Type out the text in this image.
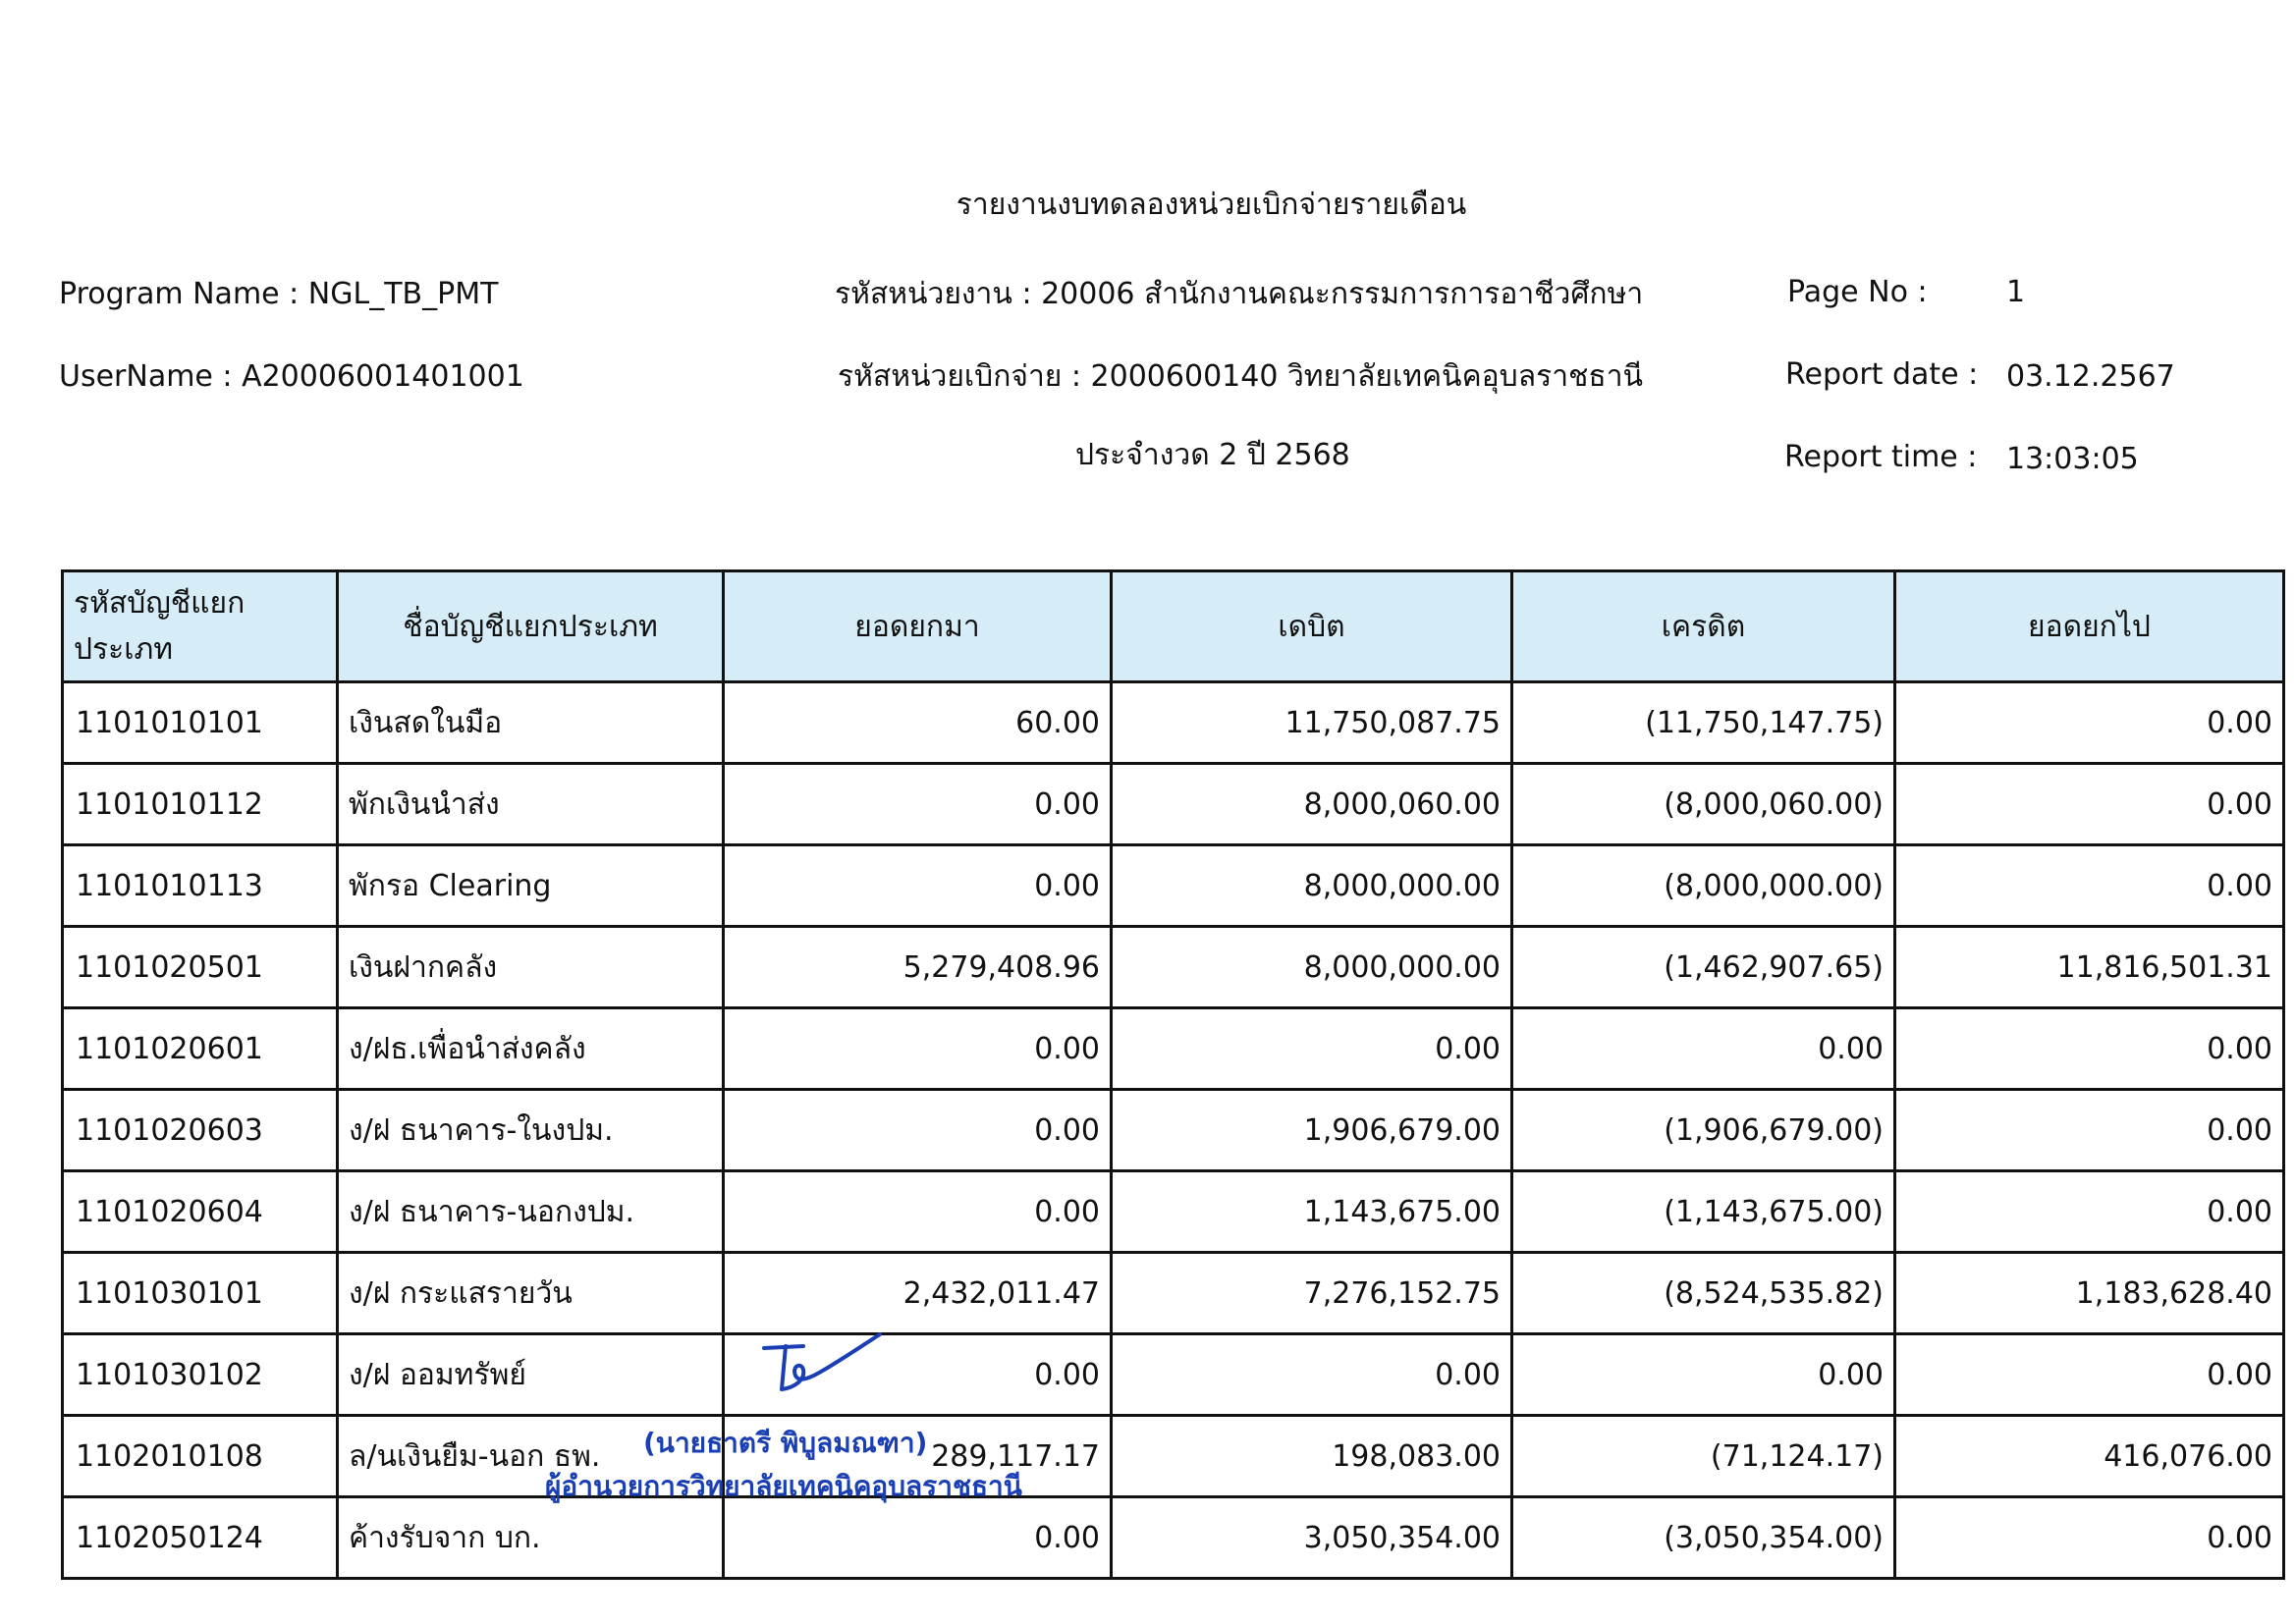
รายงานงบทดลองหน่วยเบิกจ่ายรายเดือน
Program Name : NGL_TB_PMT
UserName : A20006001401001
รหัสหน่วยงาน : 20006 สำนักงานคณะกรรมการการอาชีวศึกษา
รหัสหน่วยเบิกจ่าย : 2000600140 วิทยาลัยเทคนิคอุบลราชธานี
ประจำงวด 2 ปี 2568
Page No :	1
Report date : 03.12.2567
Report time : 13:03:05
รหัสบัญชีแยกประเภท	ชื่อบัญชีแยกประเภท	ยอดยกมา	เดบิต	เครดิต	ยอดยกไป
1101010101	เงินสดในมือ	60.00	11,750,087.75	(11,750,147.75)	0.00
1101010112	พักเงินนำส่ง	0.00	8,000,060.00	(8,000,060.00)	0.00
1101010113	พักรอ Clearing	0.00	8,000,000.00	(8,000,000.00)	0.00
1101020501	เงินฝากคลัง	5,279,408.96	8,000,000.00	(1,462,907.65)	11,816,501.31
1101020601	ง/ฝธ.เพื่อนำส่งคลัง	0.00	0.00	0.00	0.00
1101020603	ง/ฝ ธนาคาร-ในงปม.	0.00	1,906,679.00	(1,906,679.00)	0.00
1101020604	ง/ฝ ธนาคาร-นอกงปม.	0.00	1,143,675.00	(1,143,675.00)	0.00
1101030101	ง/ฝ กระแสรายวัน	2,432,011.47	7,276,152.75	(8,524,535.82)	1,183,628.40
1101030102	ง/ฝ ออมทรัพย์	0.00	0.00	0.00	0.00
1102010108	ล/นเงินยืม-นอก ธพ.	289,117.17	198,083.00	(71,124.17)	416,076.00
1102050124	ค้างรับจาก บก.	0.00	3,050,354.00	(3,050,354.00)	0.00
(นายธาตรี พิบูลมณฑา)
ผู้อำนวยการวิทยาลัยเทคนิคอุบลราชธานี
